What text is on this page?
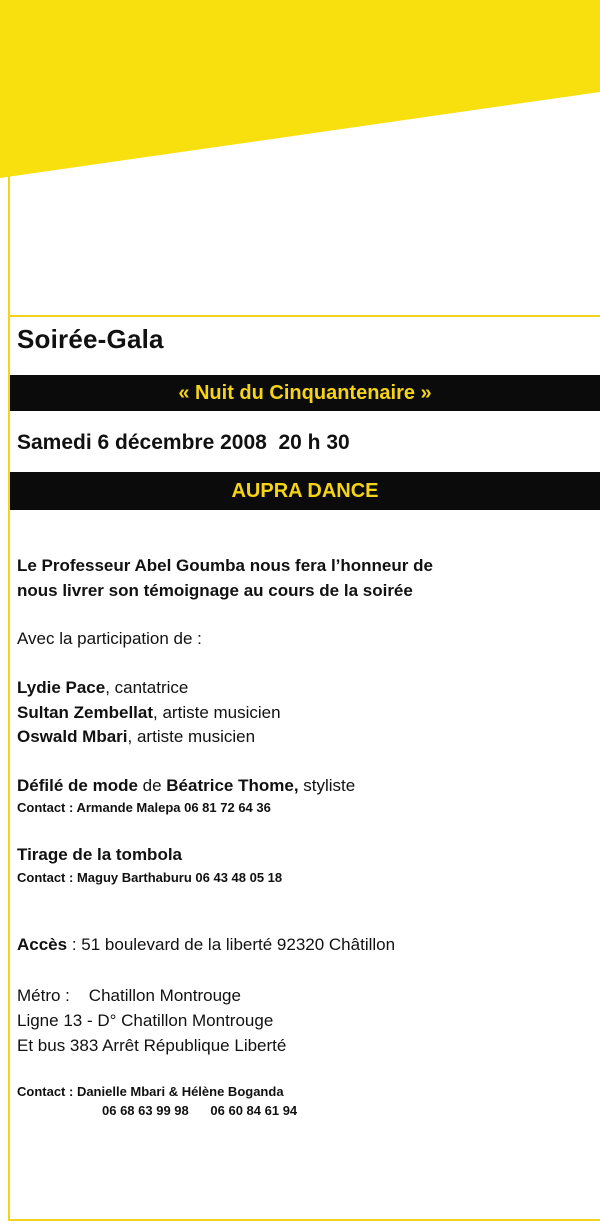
Soirée-Gala
« Nuit du Cinquantenaire »
Samedi 6 décembre 2008  20 h 30
AUPRA DANCE
Le Professeur Abel Goumba nous fera l’honneur de
nous livrer son témoignage au cours de la soirée
Avec la participation de :
Lydie Pace, cantatrice
Sultan Zembellat, artiste musicien
Oswald Mbari, artiste musicien
Défilé de mode de Béatrice Thome, styliste
Contact : Armande Malepa 06 81 72 64 36
Tirage de la tombola
Contact : Maguy Barthaburu 06 43 48 05 18
Accès : 51 boulevard de la liberté 92320 Châtillon
Métro :    Chatillon Montrouge
Ligne 13 - D° Chatillon Montrouge
Et bus 383 Arrêt République Liberté
Contact : Danielle Mbari & Hélène Boganda
06 68 63 99 98      06 60 84 61 94
